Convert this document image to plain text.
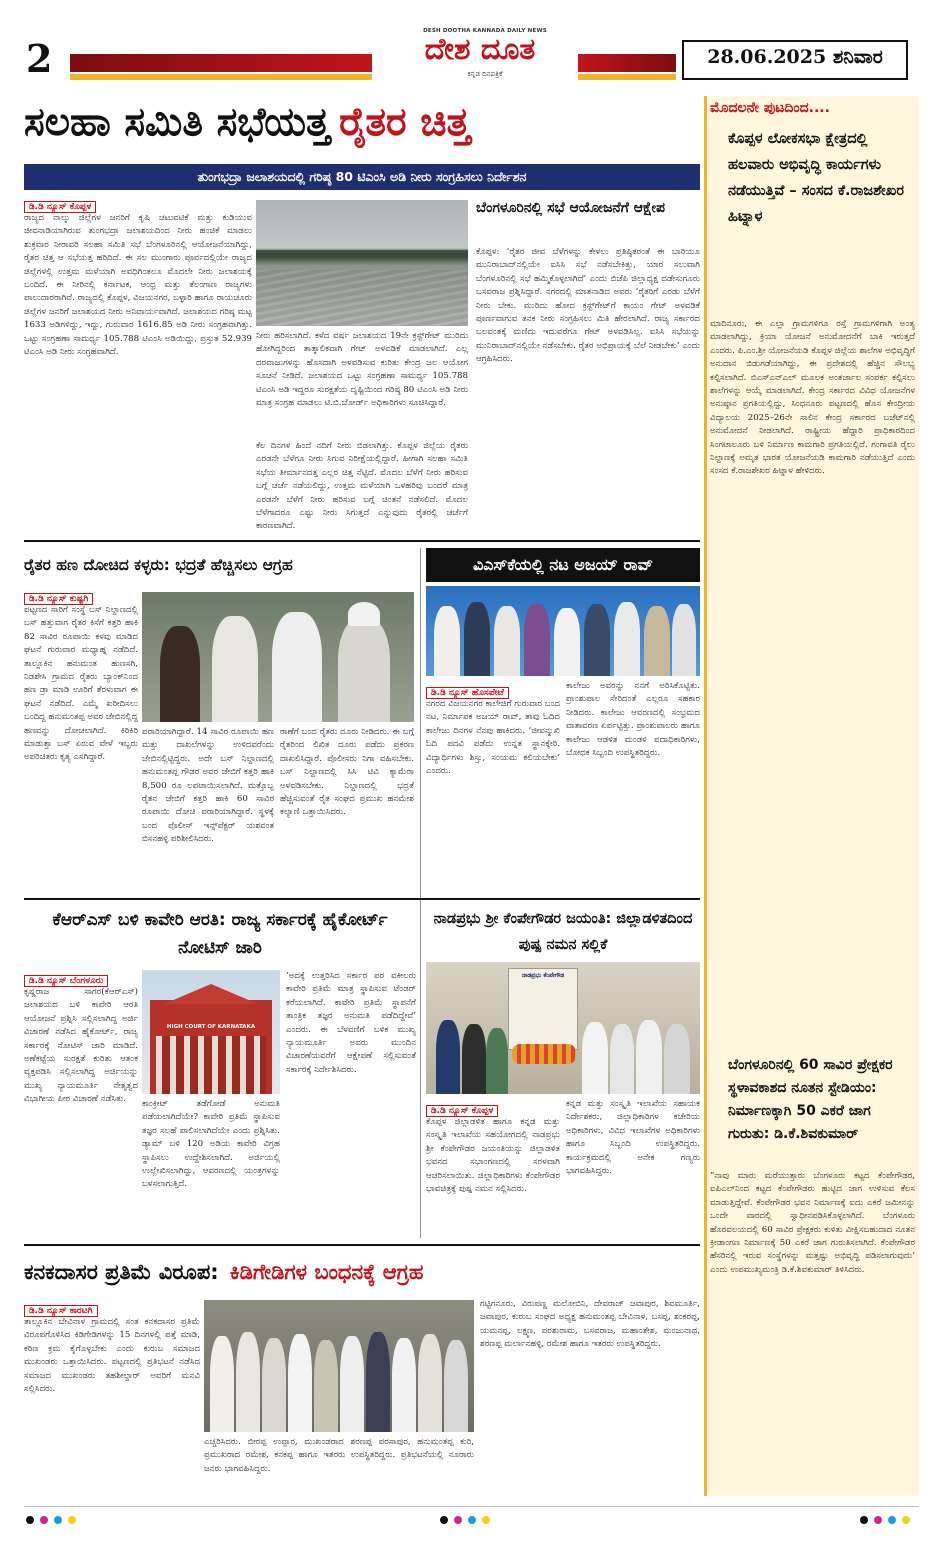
2
DESH DOOTHA KANNADA DAILY NEWS
ದೇಶ ದೂತ
ಕನ್ನಡ ದಿನಪತ್ರಿಕೆ
28.06.2025 ಶನಿವಾರ
ಸಲಹಾ ಸಮಿತಿ ಸಭೆಯತ್ತ ರೈತರ ಚಿತ್ತ
ತುಂಗಭದ್ರಾ ಜಲಾಶಯದಲ್ಲಿ ಗರಿಷ್ಠ 80 ಟಿಎಂಸಿ ಅಡಿ ನೀರು ಸಂಗ್ರಹಿಸಲು ನಿರ್ದೇಶನ
ಡಿ.ಡಿ ನ್ಯೂಸ್ ಕೊಪ್ಪಳ
ರಾಜ್ಯದ ನಾಲ್ಕು ಜಿಲ್ಲೆಗಳ ಜನರಿಗೆ ಕೃಷಿ ಚಟುವಟಿಕೆ ಮತ್ತು ಕುಡಿಯುವ ಜೀವನಾಡಿಯಾಗಿರುವ ತುಂಗಭದ್ರಾ ಜಲಾಶಯದಿಂದ ನೀರು ಹಂಚಿಕೆ ಮಾಡಲು ಶುಕ್ರವಾರ ನೀರಾವರಿ ಸಲಹಾ ಸಮಿತಿ ಸಭೆ ಬೆಂಗಳೂರಿನಲ್ಲಿ ಆಯೋಜನೆಯಾಗಿದ್ದು, ರೈತರ ಚಿತ್ತ ಆ ಸಭೆಯತ್ತ ಹರಿದಿದೆ. ಈ ಸಲ ಮುಂಗಾರು ಪೂರ್ವದಲ್ಲಿಯೇ ರಾಜ್ಯದ ಜಿಲ್ಲೆಗಳಲ್ಲಿ ಉತ್ತಮ ಮಳೆಯಾಗಿ ಅವಧಿಗಿಂತಲೂ ಮೊದಲೇ ನೀರು ಜಲಾಶಯಕ್ಕೆ ಬಂದಿದೆ. ಈ ನೀರಿನಲ್ಲಿ ಕರ್ನಾಟಕ, ಆಂಧ್ರ ಮತ್ತು ತೆಲಂಗಾಣ ರಾಜ್ಯಗಳು ಪಾಲುದಾರರಾಗಿವೆ. ರಾಜ್ಯದಲ್ಲಿ ಕೊಪ್ಪಳ, ವಿಜಯನಗರ, ಬಳ್ಳಾರಿ ಹಾಗೂ ರಾಯಚೂರು ಜಿಲ್ಲೆಗಳ ಜನರಿಗೆ ಜಲಾಶಯದ ನೀರು ಅನಿವಾರ್ಯವಾಗಿದೆ. ಜಲಾಶಯದ ಗರಿಷ್ಠ ಮಟ್ಟ 1633 ಅಡಿಗಳಿದ್ದು, ಇದ್ದು, ಗುರುವಾರ 1616.85 ಅಡಿ ನೀರು ಸಂಗ್ರಹವಾಗಿತ್ತು. ಒಟ್ಟು ಸಂಗ್ರಹಣಾ ಸಾಮರ್ಥ್ಯ 105.788 ಟಿಎಂಸಿ ಅಡಿಯಿದ್ದು, ಪ್ರಸ್ತುತ 52.939 ಟಿಎಂಸಿ ಅಡಿ ನೀರು ಸಂಗ್ರಹವಾಗಿದೆ.
ನೀರು ಹರಿಸಲಾಗಿದೆ. ಕಳೆದ ವರ್ಷ ಜಲಾಶಯದ 19ನೇ ಕ್ರಸ್ಟ್‌ಗೇಟ್ ಮುರಿದು ಹೋಗಿದ್ದರಿಂದ ತಾತ್ಕಾಲಿಕವಾಗಿ ಗೇಟ್ ಅಳವಡಿಕೆ ಮಾಡಲಾಗಿದೆ. ಎಲ್ಲ ದರವಾಜುಗಳನ್ನು ಹೊಸದಾಗಿ ಅಳವಡಿಸುವ ಕುರಿತು ಕೇಂದ್ರ ಜಲ ಆಯೋಗ ಸೂಚನೆ ನೀಡಿದೆ. ಜಲಾಶಯದ ಒಟ್ಟು ಸಂಗ್ರಹಣಾ ಸಾಮರ್ಥ್ಯ 105.788 ಟಿಎಂಸಿ ಅಡಿ ಇದ್ದರೂ ಸುರಕ್ಷತೆಯ ದೃಷ್ಟಿಯಿಂದ ಗರಿಷ್ಠ 80 ಟಿಎಂಸಿ ಅಡಿ ನೀರು ಮಾತ್ರ ಸಂಗ್ರಹ ಮಾಡಲು ಟಿ.ಬಿ.ಬೋರ್ಡ್ ಅಧಿಕಾರಿಗಳು ಸೂಚಿಸಿದ್ದಾರೆ.
ಕೆಲ ದಿನಗಳ ಹಿಂದೆ ನದಿಗೆ ನೀರು ಬಿಡಲಾಗಿತ್ತು. ಕೊಪ್ಪಳ ಜಿಲ್ಲೆಯ ರೈತರು ಎರಡನೇ ಬೆಳೆಗೂ ನೀರು ಸಿಗುವ ನಿರೀಕ್ಷೆಯಲ್ಲಿದ್ದಾರೆ. ಹೀಗಾಗಿ ಸಲಹಾ ಸಮಿತಿ ಸಭೆಯ ತೀರ್ಮಾನದತ್ತ ಎಲ್ಲರ ಚಿತ್ತ ನೆಟ್ಟಿದೆ. ಮೊದಲ ಬೆಳೆಗೆ ನೀರು ಹರಿಸುವ ಬಗ್ಗೆ ಚರ್ಚೆ ನಡೆಯಲಿದ್ದು, ಉತ್ತಮ ಮಳೆಯಾಗಿ ಒಳಹರಿವು ಬಂದರೆ ಮಾತ್ರ ಎರಡನೇ ಬೆಳೆಗೆ ನೀರು ಹರಿಸುವ ಬಗ್ಗೆ ಚಿಂತನೆ ನಡೆಸಲಿದೆ. ಮೊದಲ ಬೆಳೆಗಾದರೂ ಎಷ್ಟು ನೀರು ಸಿಗುತ್ತದೆ ಎನ್ನುವುದು ರೈತರಲ್ಲಿ ಚರ್ಚೆಗೆ ಕಾರಣವಾಗಿದೆ.
ಬೆಂಗಳೂರಿನಲ್ಲಿ ಸಭೆ ಆಯೋಜನೆಗೆ ಆಕ್ಷೇಪ
ಕೊಪ್ಪಳ: ‘ರೈತರ ಜೀವ ಬೆಳೆಗಳನ್ನು ಕೇಳಲು ಪ್ರತಿಷ್ಠಿತರಂತೆ ಈ ಬಾರಿಯೂ ಮುನಿರಾಬಾದ್‌ನಲ್ಲಿಯೇ ಐಸಿಸಿ ಸಭೆ ನಡೆಸಬೇಕಿತ್ತು, ಯಾರ ಸಲುವಾಗಿ ಬೆಂಗಳೂರಿನಲ್ಲಿ ಸಭೆ ಹಮ್ಮಿಕೊಳ್ಳಲಾಗಿದೆ’ ಎಂದು ಬಿಜೆಪಿ ಜಿಲ್ಲಾಧ್ಯಕ್ಷ ದಡೇಸುಗೂರು ಬಸವರಾಜ ಪ್ರಶ್ನಿಸಿದ್ದಾರೆ. ನಗರದಲ್ಲಿ ಮಾತನಾಡಿದ ಅವರು ‘ರೈತರಿಗೆ ಎರಡು ಬೆಳೆಗೆ ನೀರು ಬೇಕು. ಮುರಿದು ಹೋದ ಕ್ರಸ್ಟ್‌ಗೇಟ್‌ಗೆ ಕಾಯಂ ಗೇಟ್ ಅಳವಡಿಕೆ ಪೂರ್ಣವಾಗುವ ತನಕ ನೀರು ಸಂಗ್ರಹಿಸಲು ಮಿತಿ ಹೇರಲಾಗಿದೆ. ರಾಜ್ಯ ಸರ್ಕಾರದ ಬಲವಂತಕ್ಕೆ ಮಣಿದು ಇದುವರೆಗೂ ಗೇಟ್ ಅಳವಡಿಸಿಲ್ಲ. ಐಸಿಸಿ ಸಭೆಯನ್ನು ಮುನಿರಾಬಾದ್‌ನಲ್ಲಿಯೇ ನಡೆಸಬೇಕು. ರೈತರ ಅಭಿಪ್ರಾಯಕ್ಕೆ ಬೆಲೆ ನೀಡಬೇಕು’ ಎಂದು ಆಗ್ರಹಿಸಿದರು.
ಮೊದಲನೇ ಪುಟದಿಂದ....
ಕೊಪ್ಪಳ ಲೋಕಸಭಾ ಕ್ಷೇತ್ರದಲ್ಲಿ ಹಲವಾರು ಅಭಿವೃದ್ಧಿ ಕಾರ್ಯಗಳು ನಡೆಯುತ್ತಿವೆ – ಸಂಸದ ಕೆ.ರಾಜಶೇಖರ ಹಿಟ್ನಾಳ
ಮಾದಿನೂರು, ಈ ಎಲ್ಲಾ ಗ್ರಾಮಗಳಿಗೂ ರಸ್ತೆ ಗ್ರಾಮಗಳಿಗಾಗಿ ಅಂತ್ಯ ಮಾಡಲಾಗಿದ್ದು, ಕ್ರಿಯಾ ಯೋಜನೆ ಅನುಮೋದನೆಗೆ ಬಾಕಿ ಇರುತ್ತದೆ ಎಂದರು. ಪಿ.ಎಂ.ಶ್ರೀ ಯೋಜನೆಯಡಿ ಕೊಪ್ಪಳ ಜಿಲ್ಲೆಯ ಶಾಲೆಗಳ ಅಭಿವೃದ್ಧಿಗೆ ಅನುದಾನ ಬಿಡುಗಡೆಯಾಗಿದ್ದು, ಈ ಪ್ರದೇಶದಲ್ಲಿ ಹೆಚ್ಚಿನ ಸೌಲಭ್ಯ ಕಲ್ಪಿಸಲಾಗಿದೆ. ಬಿಎಸ್‌ಎನ್‌ಎಲ್ ಮೂಲಕ ಅಂತರ್ಜಾಲ ಸಂಪರ್ಕ ಕಲ್ಪಿಸಲು ಶಾಲೆಗಳನ್ನು ಆಯ್ಕೆ ಮಾಡಲಾಗಿದೆ. ಕೇಂದ್ರ ಸರ್ಕಾರದ ವಿವಿಧ ಯೋಜನೆಗಳ ಅನುಷ್ಠಾನ ಪ್ರಗತಿಯಲ್ಲಿದ್ದು, ಸಿಂಧನೂರು ಪಟ್ಟಣದಲ್ಲಿ ಹೊಸ ಕೇಂದ್ರೀಯ ವಿದ್ಯಾಲಯ 2025–26ನೇ ಸಾಲಿನ ಕೇಂದ್ರ ಸರ್ಕಾರದ ಬಜೆಟ್‌ನಲ್ಲಿ ಅನುಮೋದನೆ ನೀಡಲಾಗಿದೆ. ರಾಷ್ಟ್ರೀಯ ಹೆದ್ದಾರಿ ಪ್ರಾಧಿಕಾರದಿಂದ ಸಿಂಗಟಾಲೂರು ಬಳಿ ನಿರ್ಮಾಣ ಕಾಮಗಾರಿ ಪ್ರಗತಿಯಲ್ಲಿದೆ. ಗಂಗಾವತಿ ರೈಲು ನಿಲ್ದಾಣಕ್ಕೆ ಅಮೃತ ಭಾರತ ಯೋಜನೆಯಡಿ ಕಾಮಗಾರಿ ನಡೆಯುತ್ತಿದೆ ಎಂದು ಸಂಸದ ಕೆ.ರಾಜಶೇಖರ ಹಿಟ್ನಾಳ ಹೇಳಿದರು.
ಬೆಂಗಳೂರಿನಲ್ಲಿ 60 ಸಾವಿರ ಪ್ರೇಕ್ಷಕರ ಸ್ಥಳಾವಕಾಶದ ನೂತನ ಸ್ಟೇಡಿಯಂ: ನಿರ್ಮಾಣಕ್ಕಾಗಿ 50 ಎಕರೆ ಜಾಗ ಗುರುತು: ಡಿ.ಕೆ.ಶಿವಕುಮಾರ್
“ನಾವು ಮಾರು ಮರೆಯುತ್ತಾರು ಬೆಂಗಳೂರು ಕಟ್ಟದ ಕೆಂಪೇಗೌಡರ, ಐಪಿಎಲ್‌ನಿಂದ ಕಟ್ಟದ ಕೆಂಪೇಗೌಡರು ಹುಟ್ಟಿದ ಜಾಗ ಉಳಿಸುವ ಕೆಲಸ ಮಾಡುತ್ತಿದ್ದೇವೆ. ಕೆಂಪೇಗೌಡರ ಭವನ ನಿರ್ಮಾಣಕ್ಕೆ ಐದು ಎಕರೆ ಜಮೀನನ್ನು ಒಂದೇ ವಾರದಲ್ಲಿ ಸ್ವಾಧೀನಪಡಿಸಿಕೊಳ್ಳಲಾಗಿದೆ. ಬೆಂಗಳೂರು ಹೊರವಲಯದಲ್ಲಿ 60 ಸಾವಿರ ಪ್ರೇಕ್ಷಕರು ಕುಳಿತು ವೀಕ್ಷಿಸಬಹುದಾದ ನೂತನ ಕ್ರೀಡಾಂಗಣ ನಿರ್ಮಾಣಕ್ಕೆ 50 ಎಕರೆ ಜಾಗ ಗುರುತಿಸಲಾಗಿದೆ. ಕೆಂಪೇಗೌಡರ ಹೆಸರಿನಲ್ಲಿ ಇರುವ ಸಂಸ್ಥೆಗಳನ್ನು ಮತ್ತಷ್ಟು ಅಭಿವೃದ್ಧಿ ಪಡಿಸಲಾಗುವುದು’ ಎಂದು ಉಪಮುಖ್ಯಮಂತ್ರಿ ಡಿ.ಕೆ.ಶಿವಕುಮಾರ್ ತಿಳಿಸಿದರು.
ರೈತರ ಹಣ ದೋಚಿದ ಕಳ್ಳರು: ಭದ್ರತೆ ಹೆಚ್ಚಿಸಲು ಆಗ್ರಹ
ಡಿ.ಡಿ ನ್ಯೂಸ್ ಕುಷ್ಟಗಿ
ಪಟ್ಟಣದ ಸಾರಿಗೆ ಸಂಸ್ಥೆ ಬಸ್ ನಿಲ್ದಾಣದಲ್ಲಿ ಬಸ್ ಹತ್ತುವಾಗ ರೈತರ ಕಿಸೆಗೆ ಕತ್ತರಿ ಹಾಕಿ 82 ಸಾವಿರ ರೂಪಾಯಿ ಕಳವು ಮಾಡಿದ ಘಟನೆ ಗುರುವಾರ ಮಧ್ಯಾಹ್ನ ನಡೆದಿದೆ. ತಾಲ್ಲೂಕಿನ ಹನುಮಂತ ಹುಣಸಗಿ, ನಿಡಶೇಸಿ ಗ್ರಾಮದ ರೈತರು ಬ್ಯಾಂಕ್‌ನಿಂದ ಹಣ ಡ್ರಾ ಮಾಡಿ ಊರಿಗೆ ತೆರಳುವಾಗ ಈ ಘಟನೆ ನಡೆದಿದೆ. ಎಮ್ಮೆ ಖರೀದಿಸಲು ಬಂದಿದ್ದ ಹನುಮಂತಪ್ಪ ಅವರ ಜೇಬಿನಲ್ಲಿದ್ದ ಹಣವನ್ನು ದೋಚಲಾಗಿದೆ. ಕಿರಿಕಿರಿ ಮಾಡುತ್ತಾ ಬಸ್ ಏರುವ ವೇಳೆ ಇಬ್ಬರು ಅಪರಿಚಿತರು ಕೃತ್ಯ ಎಸಗಿದ್ದಾರೆ.
ಪರಾರಿಯಾಗಿದ್ದಾರೆ. 14 ಸಾವಿರ ರೂಪಾಯಿ ಹಣ ಮತ್ತು ದಾಖಲೆಗಳನ್ನು ಉಳಿದವರೆಂದು ಜೇಬಿನಲ್ಲಿಟ್ಟಿದ್ದರು. ಅದೇ ಬಸ್ ನಿಲ್ದಾಣದಲ್ಲಿ ಹನುಮಂತಪ್ಪ ಗೌಡರ ಅವರ ಜೇಬಿಗೆ ಕತ್ತರಿ ಹಾಕಿ 8,500 ರೂ ಲಪಟಾಯಿಸಲಾಗಿದೆ. ಮತ್ತೊಬ್ಬ ರೈತನ ಜೇಬಿಗೆ ಕತ್ತರಿ ಹಾಕಿ 60 ಸಾವಿರ ರೂಪಾಯಿ ದೋಚಿ ಪರಾರಿಯಾಗಿದ್ದಾರೆ. ಸ್ಥಳಕ್ಕೆ ಬಂದ ಪೊಲೀಸ್ ಇನ್ಸ್‌ಪೆಕ್ಟರ್ ಯಶವಂತ ಬಿಸನಹಳ್ಳಿ ಪರಿಶೀಲಿಸಿದರು.
ಠಾಣೆಗೆ ಬಂದ ರೈತರು ದೂರು ನೀಡಿದರು. ಈ ಬಗ್ಗೆ ರೈತರಿಂದ ಲಿಖಿತ ದೂರು ಪಡೆದು ಪ್ರಕರಣ ದಾಖಲಿಸಿದ್ದಾರೆ. ಪೊಲೀಸರು ನಿಗಾ ವಹಿಸಬೇಕು. ಬಸ್ ನಿಲ್ದಾಣದಲ್ಲಿ ಸಿಸಿ ಟಿವಿ ಕ್ಯಾಮೆರಾ ಅಳವಡಿಸಬೇಕು. ನಿಲ್ದಾಣದಲ್ಲಿ ಭದ್ರತೆ ಹೆಚ್ಚಿಸುವಂತೆ ರೈತ ಸಂಘದ ಪ್ರಮುಖ ಹನಮೇಶ ಕಲ್ಯಾಣಿ ಒತ್ತಾಯಿಸಿದರು.
ವಿಎಸ್‌ಕೆಯಲ್ಲಿ ನಟ ಅಜಯ್ ರಾವ್
ಡಿ.ಡಿ ನ್ಯೂಸ್ ಹೊಸಪೇಟೆ
ನಗರದ ವಿಜಯನಗರ ಕಾಲೇಜಿಗೆ ಗುರುವಾರ ಬಂದ ನಟ, ನಿರ್ಮಾಪಕ ಅಜಯ್ ರಾವ್, ತಾವು ಓದಿದ ಕಾಲೇಜು ದಿನಗಳ ನೆನಪು ಹಾಕಿದರು. ‘ಜೀವನ್ಮುಖಿ ಓದಿ ಪದವಿ ಪಡೆದು ಉನ್ನತ ಸ್ಥಾನಕ್ಕೇರಿ. ವಿದ್ಯಾರ್ಥಿಗಳು ಶಿಸ್ತು, ಸಂಯಮ ಕಲಿಯಬೇಕು’ ಎಂದರು.
ಕಾಲೇಜು ಅವರನ್ನು ನನಗೆ ಅರಿಸಿಕೊಟ್ಟಿತು. ಪ್ರಾಂಶುಪಾಲ ಸೇರಿದಂತೆ ಎಲ್ಲರೂ ಸಹಕಾರ ನೀಡಿದರು. ಕಾಲೇಜು ಆವರಣದಲ್ಲಿ ಸಂಭ್ರಮದ ವಾತಾವರಣ ಏರ್ಪಟ್ಟಿತ್ತು. ಪ್ರಾಂಶುಪಾಲರು ಹಾಗೂ ಕಾಲೇಜು ಆಡಳಿತ ಮಂಡಳಿ ಪದಾಧಿಕಾರಿಗಳು, ಬೋಧಕ ಸಿಬ್ಬಂದಿ ಉಪಸ್ಥಿತರಿದ್ದರು.
ಕೆಆರ್‌ಎಸ್ ಬಳಿ ಕಾವೇರಿ ಆರತಿ: ರಾಜ್ಯ ಸರ್ಕಾರಕ್ಕೆ ಹೈಕೋರ್ಟ್ ನೋಟಿಸ್ ಜಾರಿ
ಡಿ.ಡಿ ನ್ಯೂಸ್ ಬೆಂಗಳೂರು
ಕೃಷ್ಣರಾಜ ಸಾಗರ(ಕೆಆರ್‌ಎಸ್) ಜಲಾಶಯದ ಬಳಿ ಕಾವೇರಿ ಆರತಿ ಆಯೋಜನೆ ಪ್ರಶ್ನಿಸಿ ಸಲ್ಲಿಸಲಾಗಿದ್ದ ಅರ್ಜಿ ವಿಚಾರಣೆ ನಡೆಸಿದ ಹೈಕೋರ್ಟ್, ರಾಜ್ಯ ಸರ್ಕಾರಕ್ಕೆ ನೋಟಿಸ್ ಜಾರಿ ಮಾಡಿದೆ. ಅಣೆಕಟ್ಟೆಯ ಸುರಕ್ಷತೆ ಕುರಿತು ಆತಂಕ ವ್ಯಕ್ತಪಡಿಸಿ ಸಲ್ಲಿಸಲಾಗಿದ್ದ ಅರ್ಜಿಯನ್ನು ಮುಖ್ಯ ನ್ಯಾಯಮೂರ್ತಿ ನೇತೃತ್ವದ ವಿಭಾಗೀಯ ಪೀಠ ವಿಚಾರಣೆ ನಡೆಸಿತು.
HIGH COURT OF KARNATAKA
ಕಾಂಕ್ರೀಟ್ ತಡೆಗೋಡೆ ಅನುಮತಿ ಪಡೆಯಲಾಗಿದೆಯೇ? ಕಾವೇರಿ ಪ್ರತಿಮೆ ಸ್ಥಾಪಿಸುವ ತಜ್ಞರ ಸಲಹೆ ಪಾಲಿಸಲಾಗಿದೆಯೇ ಎಂದು ಪ್ರಶ್ನಿಸಿತು. ಡ್ಯಾಮ್ ಬಳಿ 120 ಅಡಿಯ ಕಾವೇರಿ ವಿಗ್ರಹ ಸ್ಥಾಪಿಸಲು ಉದ್ದೇಶಿಸಲಾಗಿದೆ. ಅರ್ಜಿಯಲ್ಲಿ ಉಲ್ಲೇಖಿಸಲಾಗಿದ್ದು, ಆವರಣದಲ್ಲಿ ಯಂತ್ರಗಳನ್ನು ಬಳಸಲಾಗುತ್ತಿದೆ.
‘ಅದಕ್ಕೆ ಉತ್ತರಿಸಿದ ಸರ್ಕಾರ ಪರ ವಕೀಲರು ಕಾವೇರಿ ಪ್ರತಿಮೆ ಮಾತ್ರ ಸ್ಥಾಪಿಸುವ ಟೆಂಡರ್ ಕರೆಯಲಾಗಿದೆ. ಕಾವೇರಿ ಪ್ರತಿಮೆ ಸ್ಥಾಪನೆಗೆ ತಾಂತ್ರಿಕ ತಜ್ಞರ ಅನುಮತಿ ಪಡೆದಿದ್ದೇವೆ’ ಎಂದರು. ಈ ಬೆಳವಣಿಗೆ ಬಳಿಕ ಮುಖ್ಯ ನ್ಯಾಯಮೂರ್ತಿ ಅವರು ಮುಂದಿನ ವಿಚಾರಣೆಯವರೆಗೆ ಆಕ್ಷೇಪಣೆ ಸಲ್ಲಿಸುವಂತೆ ಸರ್ಕಾರಕ್ಕೆ ನಿರ್ದೇಶಿಸಿದರು.
ನಾಡಪ್ರಭು ಶ್ರೀ ಕೆಂಪೇಗೌಡರ ಜಯಂತಿ: ಜಿಲ್ಲಾಡಳಿತದಿಂದ ಪುಷ್ಪ ನಮನ ಸಲ್ಲಿಕೆ
ನಾಡಪ್ರಭು ಕೆಂಪೇಗೌಡ
ಡಿ.ಡಿ ನ್ಯೂಸ್ ಕೊಪ್ಪಳ
ಕೊಪ್ಪಳ ಜಿಲ್ಲಾಡಳಿತ ಹಾಗೂ ಕನ್ನಡ ಮತ್ತು ಸಂಸ್ಕೃತಿ ಇಲಾಖೆಯ ಸಹಯೋಗದಲ್ಲಿ ನಾಡಪ್ರಭು ಶ್ರೀ ಕೆಂಪೇಗೌಡರ ಜಯಂತಿಯನ್ನು ಜಿಲ್ಲಾಡಳಿತ ಭವನದ ಸಭಾಂಗಣದಲ್ಲಿ ಸರಳವಾಗಿ ಆಚರಿಸಲಾಯಿತು. ಜಿಲ್ಲಾಧಿಕಾರಿಗಳು ಕೆಂಪೇಗೌಡರ ಭಾವಚಿತ್ರಕ್ಕೆ ಪುಷ್ಪ ನಮನ ಸಲ್ಲಿಸಿದರು.
ಕನ್ನಡ ಮತ್ತು ಸಂಸ್ಕೃತಿ ಇಲಾಖೆಯ ಸಹಾಯಕ ನಿರ್ದೇಶಕರು, ಜಿಲ್ಲಾಧಿಕಾರಿಗಳ ಕಚೇರಿಯ ಅಧಿಕಾರಿಗಳು, ವಿವಿಧ ಇಲಾಖೆಗಳ ಅಧಿಕಾರಿಗಳು ಹಾಗೂ ಸಿಬ್ಬಂದಿ ಉಪಸ್ಥಿತರಿದ್ದರು. ಕಾರ್ಯಕ್ರಮದಲ್ಲಿ ಅನೇಕ ಗಣ್ಯರು ಭಾಗವಹಿಸಿದ್ದರು.
ಕನಕದಾಸರ ಪ್ರತಿಮೆ ವಿರೂಪ: ಕಿಡಿಗೇಡಿಗಳ ಬಂಧನಕ್ಕೆ ಆಗ್ರಹ
ಡಿ.ಡಿ ನ್ಯೂಸ್ ಕಾರಟಗಿ
ತಾಲ್ಲೂಕಿನ ಬೇವಿನಾಳ ಗ್ರಾಮದಲ್ಲಿ ಸಂತ ಕನಕದಾಸರ ಪ್ರತಿಮೆ ವಿರೂಪಗೊಳಿಸಿದ ಕಿಡಿಗೇಡಿಗಳನ್ನು 15 ದಿನಗಳಲ್ಲಿ ಪತ್ತೆ ಮಾಡಿ, ಕಠಿಣ ಕ್ರಮ ಕೈಗೊಳ್ಳಬೇಕು ಎಂದು ಕುರುಬ ಸಮಾಜದ ಮುಖಂಡರು ಒತ್ತಾಯಿಸಿದರು. ಪಟ್ಟಣದಲ್ಲಿ ಪ್ರತಿಭಟನೆ ನಡೆಸಿದ ಸಮಾಜದ ಮುಖಂಡರು ತಹಶೀಲ್ದಾರ್ ಅವರಿಗೆ ಮನವಿ ಸಲ್ಲಿಸಿದರು.
ಎಚ್ಚರಿಸಿದರು. ಬೀರಪ್ಪ ಉಪ್ಪಾರ, ಮುಖಂಡರಾದ ಶರಣಪ್ಪ ಪರಸಾಪುರ, ಹನುಮಂತಪ್ಪ ಕುರಿ, ಪ್ರಮುಖರಾದ ರಮೇಶ, ಕನಕಪ್ಪ ಹಾಗೂ ಇತರರು ಉಪಸ್ಥಿತರಿದ್ದರು. ಪ್ರತಿಭಟನೆಯಲ್ಲಿ ನೂರಾರು ಜನರು ಭಾಗವಹಿಸಿದ್ದರು.
ಗಟ್ಟಿಗನೂರು, ವಿರುಪಣ್ಣ ಮಲೋಬಿನಿ, ದೇವರಾಜ್ ಜವಾಪುರ, ಶಿವಮೂರ್ತಿ, ಜವಾಪುರ, ಕುರುಬ ಸಂಘದ ಅಧ್ಯಕ್ಷ ಹನುಮಂತಪ್ಪ ಬೇವಿನಾಳ, ಬಸಪ್ಪ, ಶಂಕರಪ್ಪ, ಯಮನಪ್ಪ, ಲಕ್ಷ್ಮಣ, ಪರಶುರಾಮ, ಬಸವರಾಜ, ಮಹಾಂತೇಶ, ಮಂಜುನಾಥ, ಶರಣಪ್ಪ ಮರ್ಲಾನಹಳ್ಳಿ, ರಮೇಶ ಹಾಗೂ ಇತರರು ಉಪಸ್ಥಿತರಿದ್ದರು.
